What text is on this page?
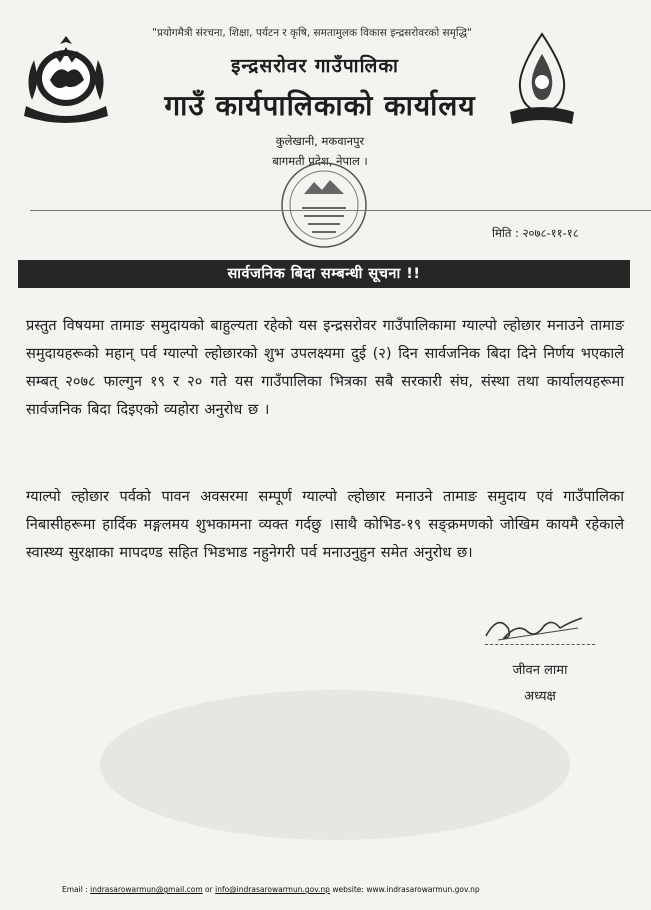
"प्रयोगमैत्री संरचना, शिक्षा, पर्यटन र कृषि, समतामुलक विकास इन्द्रसरोवरको समृद्धि"
इन्द्रसरोवर गाउँपालिका
गाउँ कार्यपालिकाको कार्यालय
कुलेखानी, मकवानपुर
बागमती प्रदेश, नेपाल ।
मिति : २०७८-११-१८
सार्वजनिक बिदा सम्बन्धी सूचना !!
प्रस्तुत विषयमा तामाङ समुदायको बाहुल्यता रहेको यस इन्द्रसरोवर गाउँपालिकामा ग्याल्पो ल्होछार मनाउने तामाङ समुदायहरूको महान् पर्व ग्याल्पो ल्होछारको शुभ उपलक्ष्यमा दुई (२) दिन सार्वजनिक बिदा दिने निर्णय भएकाले सम्बत् २०७८ फाल्गुन १९ र २० गते यस गाउँपालिका भित्रका सबै सरकारी संघ, संस्था तथा कार्यालयहरूमा सार्वजनिक बिदा दिइएको व्यहोरा अनुरोध छ ।
ग्याल्पो ल्होछार पर्वको पावन अवसरमा सम्पूर्ण ग्याल्पो ल्होछार मनाउने तामाङ समुदाय एवं गाउँपालिका निबासीहरूमा हार्दिक मङ्गलमय शुभकामना व्यक्त गर्दछु ।साथै कोभिड-१९ सङ्क्रमणको जोखिम कायमै रहेकाले स्वास्थ्य सुरक्षाका मापदण्ड सहित भिडभाड नहुनेगरी पर्व मनाउनुहुन समेत अनुरोध छ।
जीवन लामा
अध्यक्ष
Email : indrasarowarmun@gmail.com or info@indrasarowarmun.gov.np website: www.indrasarowarmun.gov.np
